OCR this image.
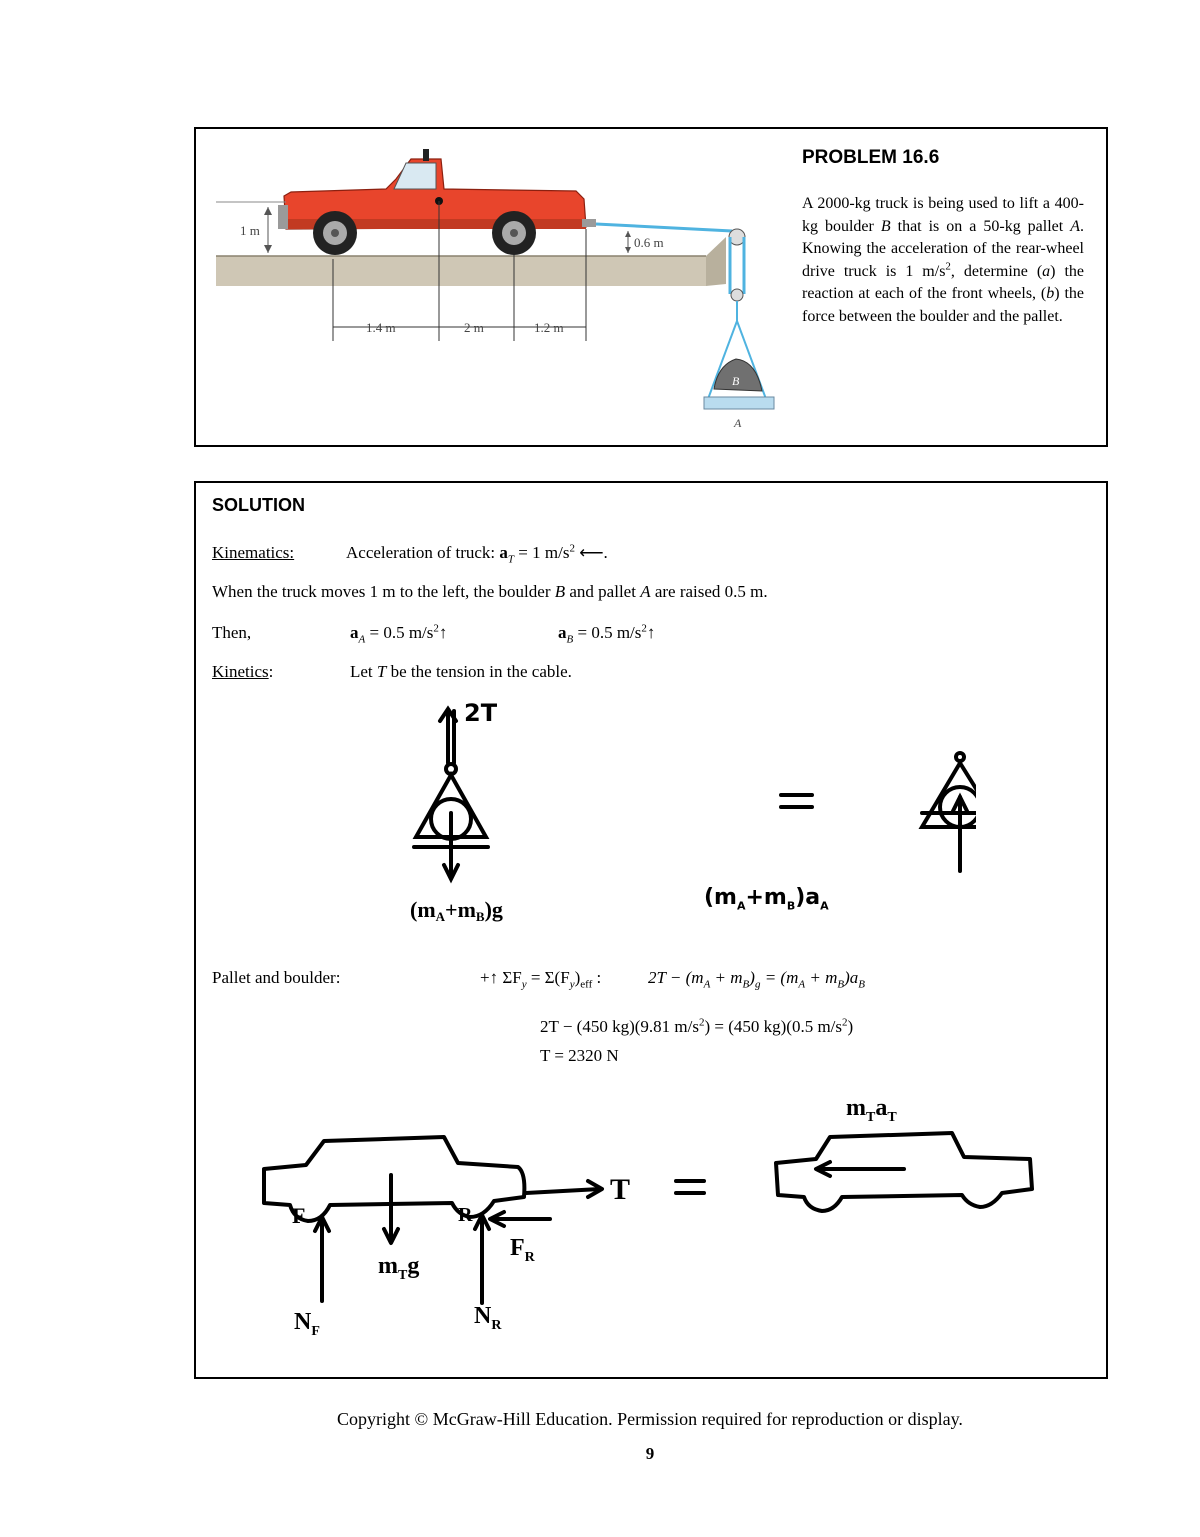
B
A
1 m
0.6 m
1.4 m	2 m	1.2 m
PROBLEM 16.6
A 2000-kg truck is being used to lift a 400-kg boulder B that is on a 50-kg pallet A. Knowing the acceleration of the rear-wheel drive truck is 1 $m/s^2$, determine (a) the reaction at each of the front wheels, (b) the force between the boulder and the pallet.
SOLUTION
Kinematics:	Acceleration of truck: $a_T = 1$ $m/s^2$ ⟵.
When the truck moves 1 m to the left, the boulder B and pallet A are raised 0.5 m.
Then,	$a_A = 0.5$ $m/s^2↑$	$a_B = 0.5$ $m/s^2↑$
Kinetics:	Let T be the tension in the cable.
2T
(mA+mB)g	$(m_A+m_B)a_A$
Pallet and boulder:	+↑ $\Sigma F_y = \Sigma(F_y)_{eff}$ :	$2T - (m_A + m_B)_g = (m_A + m_B)a_B$
2T − (450 kg)(9.81 $m/s^2) = (450$ kg)(0.5 $m/s^2$)
T = 2320 N
T
F	R
$F_R$
$m_Tg$
$N_F$
$N_R$
$m_Ta_T$
Copyright © McGraw-Hill Education. Permission required for reproduction or display.
9
